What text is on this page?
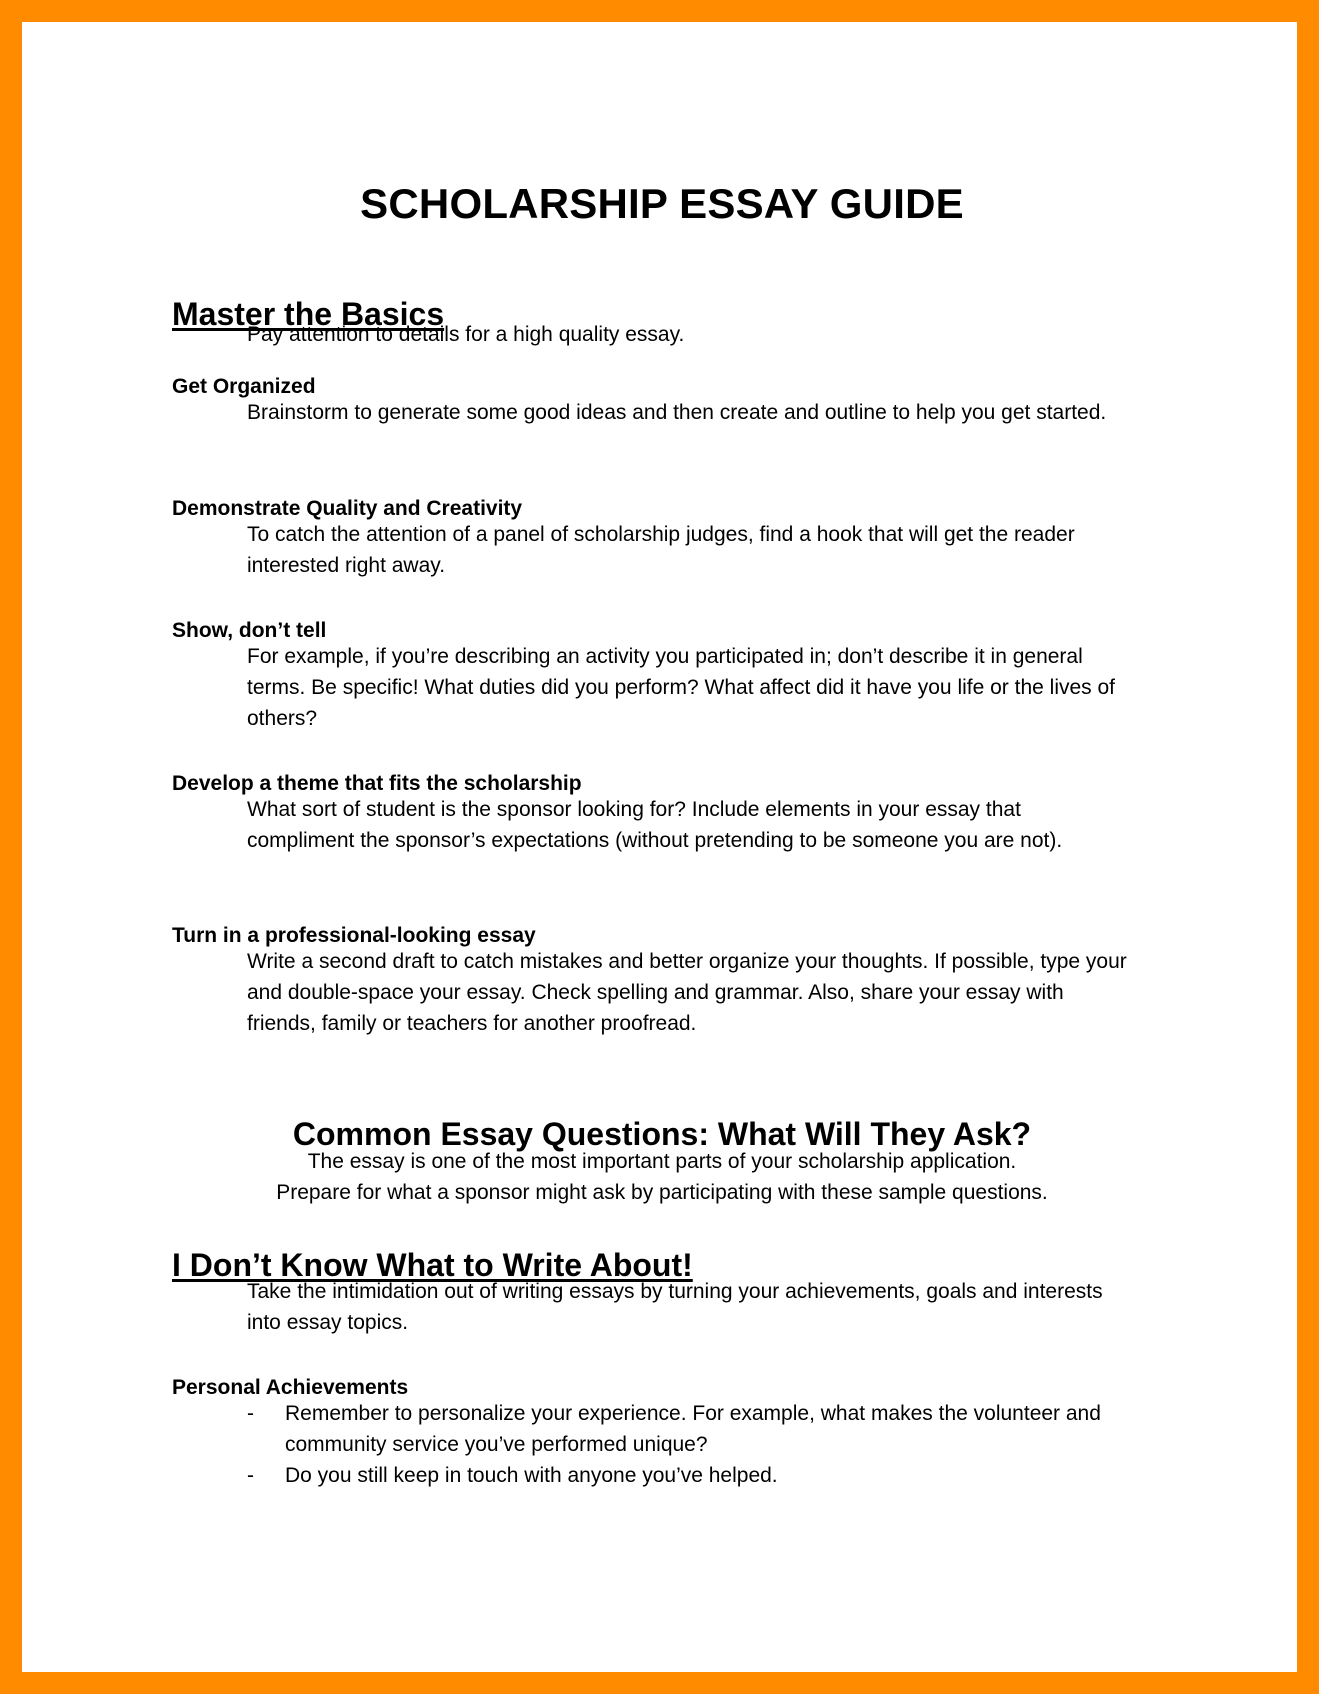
SCHOLARSHIP ESSAY GUIDE
Master the Basics

Pay attention to details for a high quality essay.

Get Organized

Brainstorm to generate some good ideas and then create and outline to help you get started.

Demonstrate Quality and Creativity

To catch the attention of a panel of scholarship judges, find a hook that will get the reader interested right away.

Show, don’t tell

For example, if you’re describing an activity you participated in; don’t describe it in general terms. Be specific! What duties did you perform? What affect did it have you life or the lives of others?

Develop a theme that fits the scholarship

What sort of student is the sponsor looking for? Include elements in your essay that compliment the sponsor’s expectations (without pretending to be someone you are not).

Turn in a professional-looking essay

Write a second draft to catch mistakes and better organize your thoughts. If possible, type your and double-space your essay. Check spelling and grammar. Also, share your essay with friends, family or teachers for another proofread.

Common Essay Questions: What Will They Ask?

The essay is one of the most important parts of your scholarship application.

Prepare for what a sponsor might ask by participating with these sample questions.

I Don’t Know What to Write About!

Take the intimidation out of writing essays by turning your achievements, goals and interests into essay topics.

Personal Achievements
- Remember to personalize your experience. For example, what makes the volunteer and community service you’ve performed unique?
- Do you still keep in touch with anyone you’ve helped.
